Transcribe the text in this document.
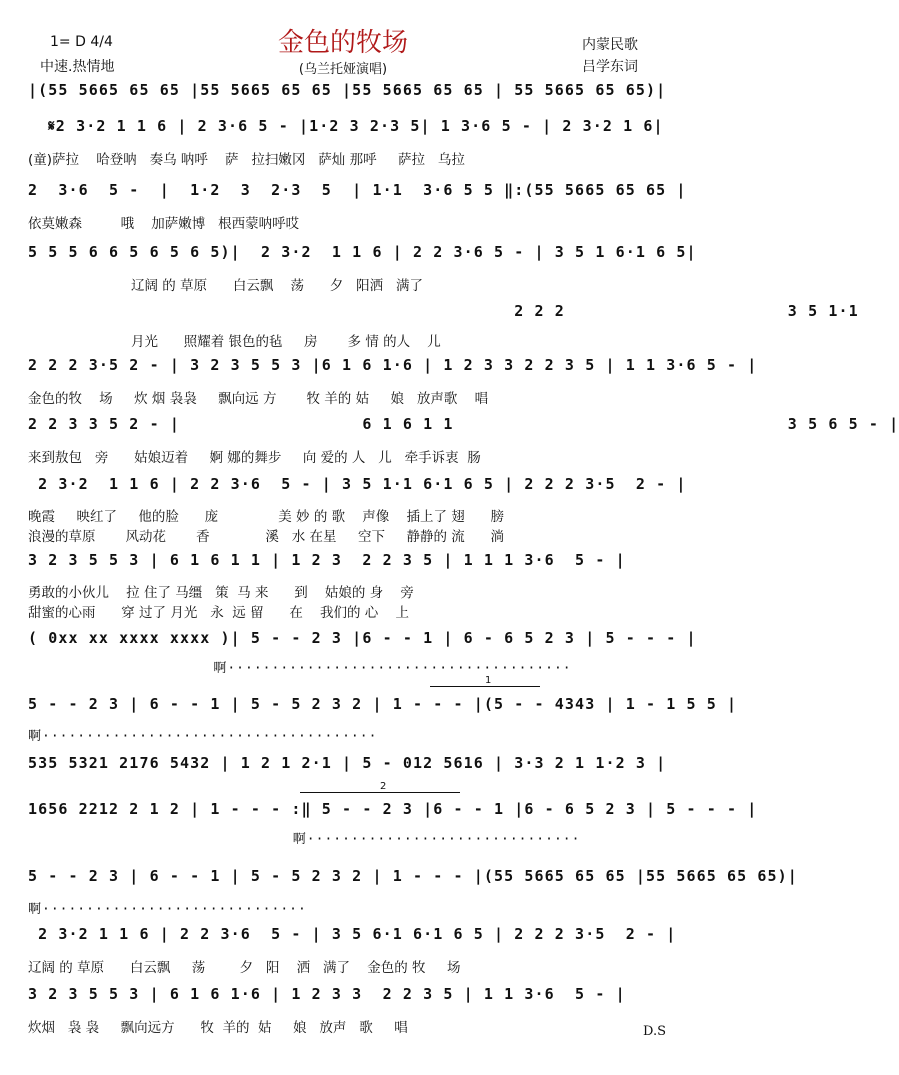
1= D 4/4
中速.热情地
金色的牧场
(乌兰托娅演唱)
内蒙民歌
吕学东词
1
2
|(55 5665 65 65 |55 5665 65 65 |55 5665 65 65 | 55 5665 65 65)|
𝄋2 3·2 1 1 6 | 2 3·6 5 - |1·2 3 2·3 5| 1 3·6 5 - | 2 3·2 1 6|
(童)萨拉    哈登呐   奏乌 呐呼    萨   拉扫嫩冈   萨灿 那呼     萨拉   乌拉
2  3·6  5 -  |  1·2  3  2·3  5  | 1·1  3·6 5 5 ‖:(55 5665 65 65 |
依莫嫩森         哦    加萨嫩博   根西蒙呐呼哎
5 5 5 6 6 5 6 5 6 5)|  2 3·2  1 1 6 | 2 2 3·6 5 - | 3 5 1 6·1 6 5|
辽阔 的 草原      白云飘    荡      夕   阳洒   满了
2 2 2                      3 5 1·1
月光      照耀着 银色的毡     房       多 情 的人    儿
2 2 2 3·5 2 - | 3 2 3 5 5 3 |6 1 6 1·6 | 1 2 3 3 2 2 3 5 | 1 1 3·6 5 - |
金色的牧    场     炊 烟 袅袅     飘向远 方       牧 羊的 姑     娘   放声歌    唱
2 2 3 3 5 2 - |                  6 1 6 1 1                                 3 5 6 5 - |
来到敖包   旁      姑娘迈着     婀 娜的舞步     向 爱的 人   儿   牵手诉衷  肠
2 3·2  1 1 6 | 2 2 3·6  5 - | 3 5 1·1 6·1 6 5 | 2 2 2 3·5  2 - |
晚霞     映红了     他的脸      庞              美 妙 的 歌    声像    插上了 翅      膀
浪漫的草原       风动花       香             溪   水 在星     空下     静静的 流      淌
3 2 3 5 5 3 | 6 1 6 1 1 | 1 2 3  2 2 3 5 | 1 1 1 3·6  5 - |
勇敢的小伙儿    拉 住了 马缰   策  马 来      到    姑娘的 身    旁
甜蜜的心雨      穿 过了 月光   永  远 留      在    我们的 心    上
( 0xx xx xxxx xxxx )| 5 - - 2 3 |6 - - 1 | 6 - 6 5 2 3 | 5 - - - |
啊·······································
5 - - 2 3 | 6 - - 1 | 5 - 5 2 3 2 | 1 - - - |(5 - - 4343 | 1 - 1 5 5 |
啊······································
535 5321 2176 5432 | 1 2 1 2·1 | 5 - 012 5616 | 3·3 2 1 1·2 3 |
1656 2212 2 1 2 | 1 - - - :‖ 5 - - 2 3 |6 - - 1 |6 - 6 5 2 3 | 5 - - - |
啊·······························
5 - - 2 3 | 6 - - 1 | 5 - 5 2 3 2 | 1 - - - |(55 5665 65 65 |55 5665 65 65)|
啊······························
2 3·2 1 1 6 | 2 2 3·6  5 - | 3 5 6·1 6·1 6 5 | 2 2 2 3·5  2 - |
辽阔 的 草原      白云飘     荡        夕   阳    洒   满了    金色的 牧     场
3 2 3 5 5 3 | 6 1 6 1·6 | 1 2 3 3  2 2 3 5 | 1 1 3·6  5 - |
炊烟   袅 袅     飘向远方      牧  羊的  姑     娘   放声   歌     唱	D.S
